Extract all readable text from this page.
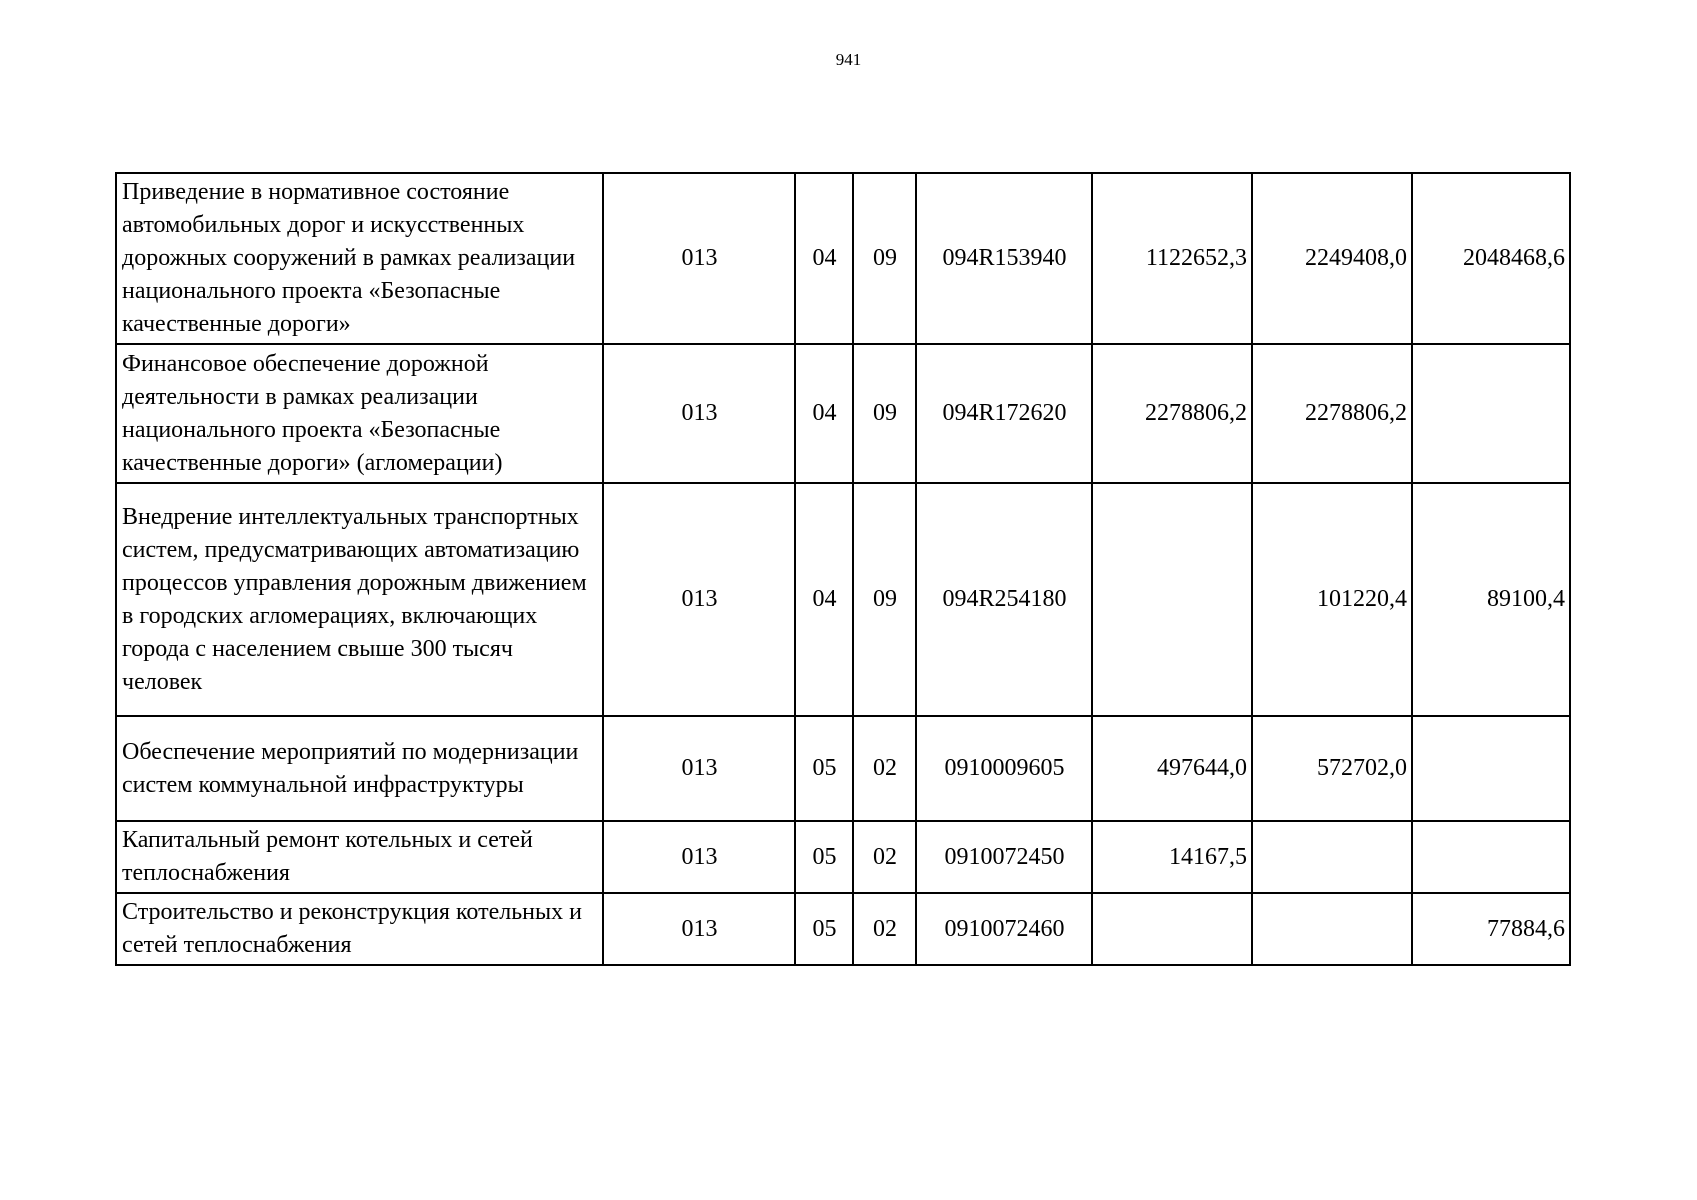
941
Приведение в нормативное состояние автомобильных дорог и искусственных дорожных сооружений в рамках реализации национального проекта «Безопасные качественные дороги»	013	04	09	094R153940	1122652,3	2249408,0	2048468,6
Финансовое обеспечение дорожной деятельности в рамках реализации национального проекта «Безопасные качественные дороги» (агломерации)	013	04	09	094R172620	2278806,2	2278806,2	
Внедрение интеллектуальных транспортных систем, предусматривающих автоматизацию процессов управления дорожным движением в городских агломерациях, включающих города с населением свыше 300 тысяч человек	013	04	09	094R254180		101220,4	89100,4
Обеспечение мероприятий по модернизации систем коммунальной инфраструктуры	013	05	02	0910009605	497644,0	572702,0	
Капитальный ремонт котельных и сетей теплоснабжения	013	05	02	0910072450	14167,5		
Строительство и реконструкция котельных и сетей теплоснабжения	013	05	02	0910072460			77884,6
